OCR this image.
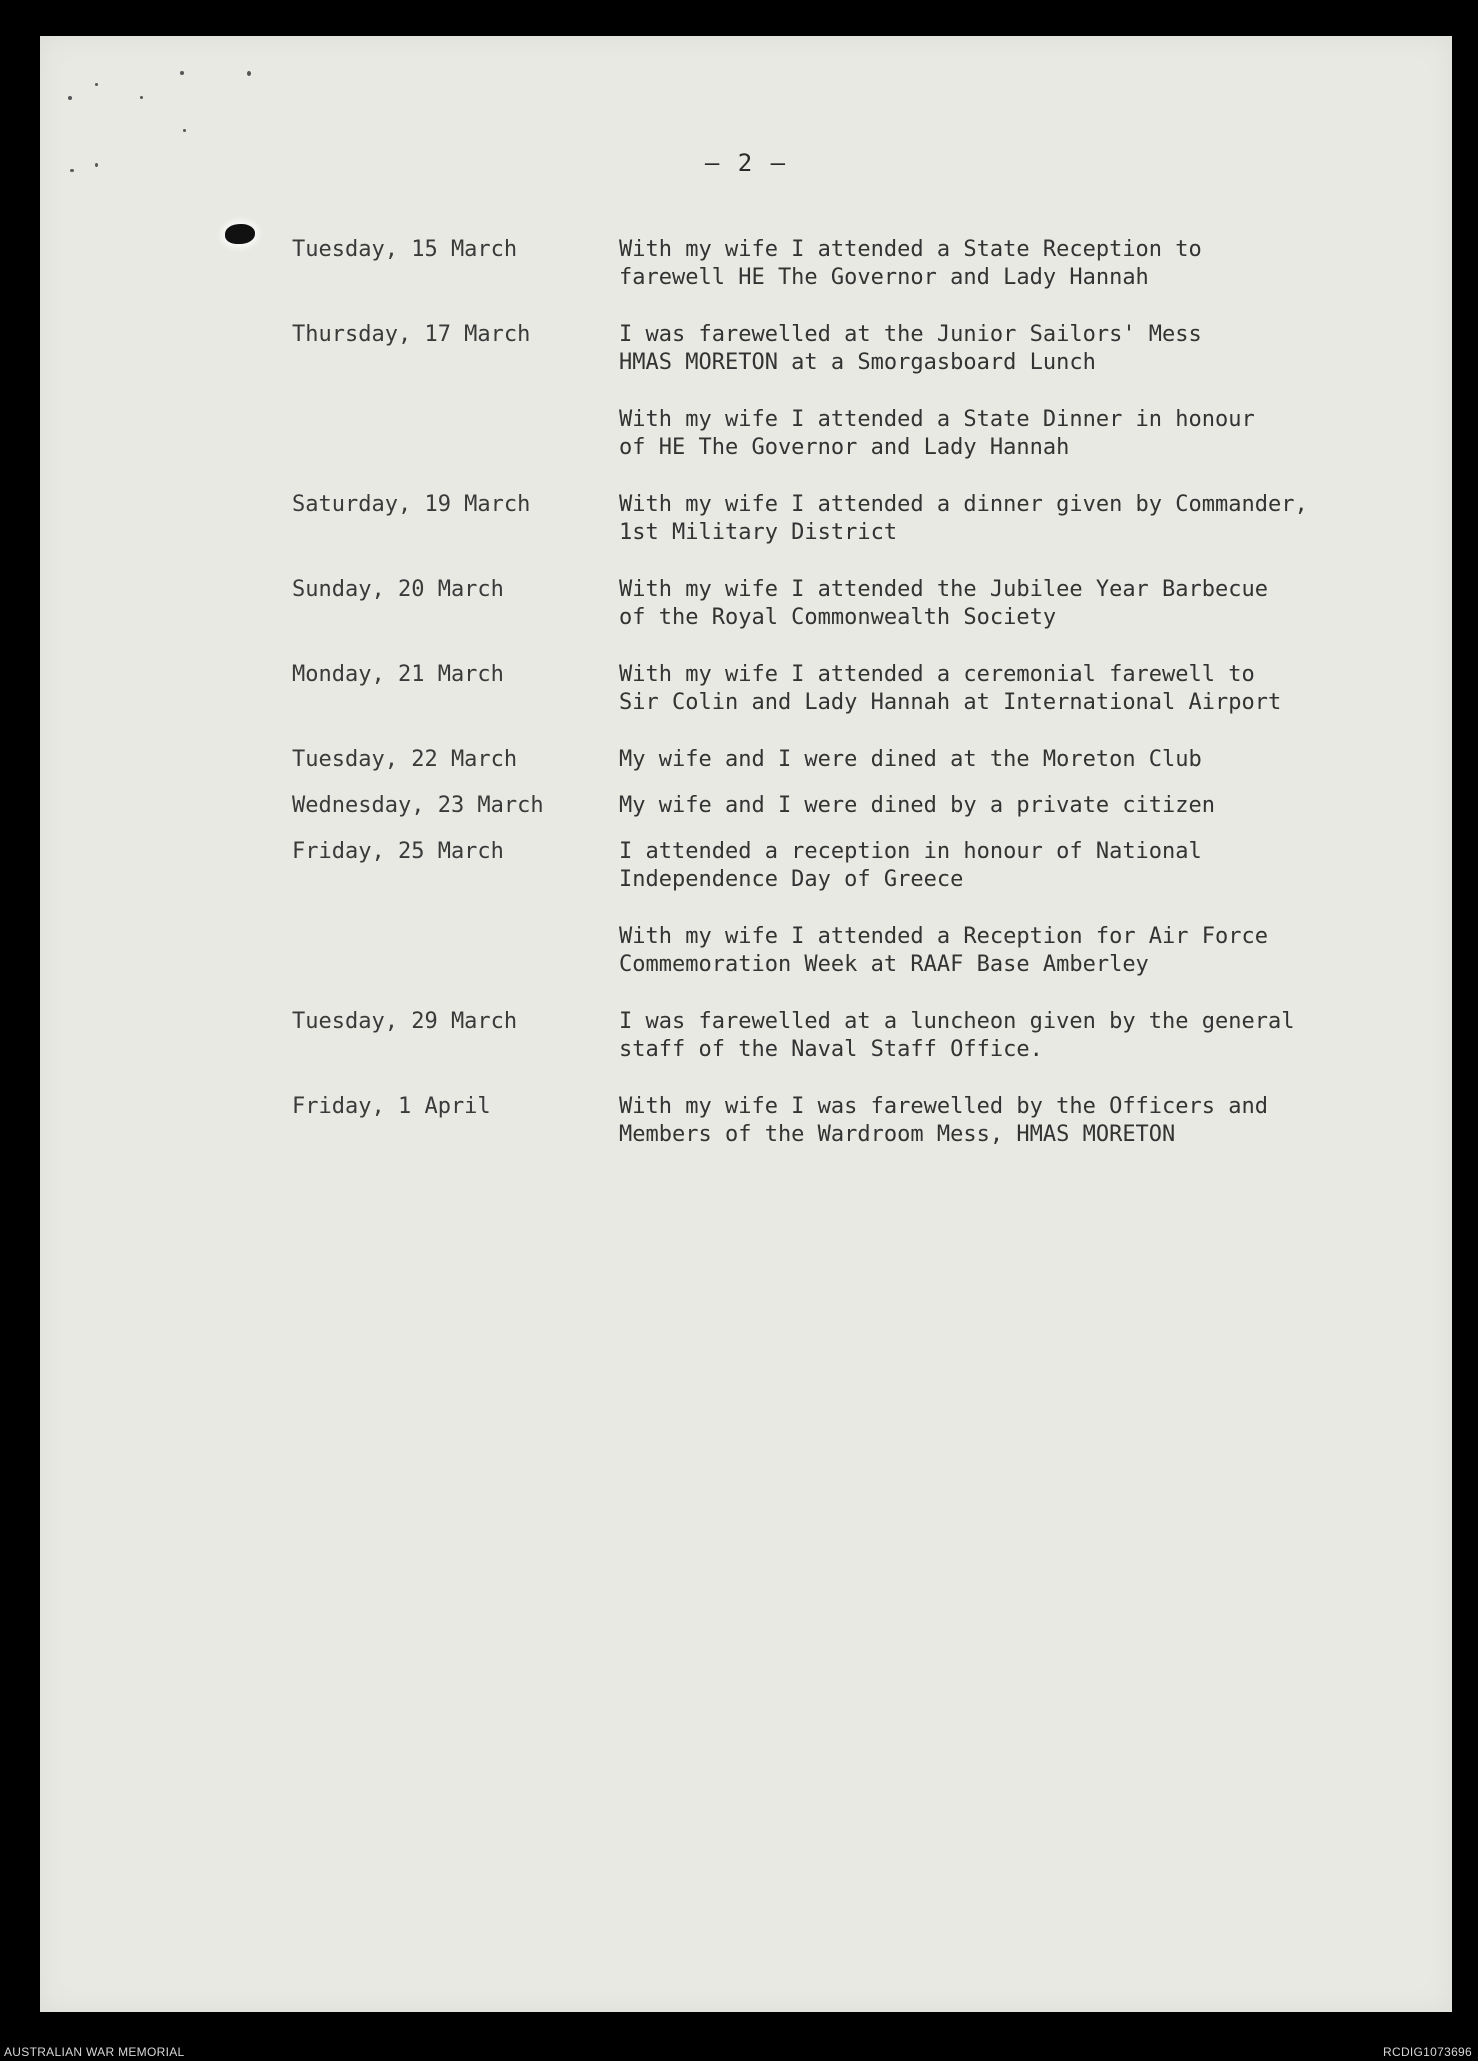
– 2 –
Tuesday, 15 March	With my wife I attended a State Reception to
farewell HE The Governor and Lady Hannah
Thursday, 17 March	I was farewelled at the Junior Sailors' Mess
HMAS MORETON at a Smorgasboard Lunch
With my wife I attended a State Dinner in honour
of HE The Governor and Lady Hannah
Saturday, 19 March	With my wife I attended a dinner given by Commander,
1st Military District
Sunday, 20 March	With my wife I attended the Jubilee Year Barbecue
of the Royal Commonwealth Society
Monday, 21 March	With my wife I attended a ceremonial farewell to
Sir Colin and Lady Hannah at International Airport
Tuesday, 22 March	My wife and I were dined at the Moreton Club
Wednesday, 23 March	My wife and I were dined by a private citizen
Friday, 25 March	I attended a reception in honour of National
Independence Day of Greece
With my wife I attended a Reception for Air Force
Commemoration Week at RAAF Base Amberley
Tuesday, 29 March	I was farewelled at a luncheon given by the general
staff of the Naval Staff Office.
Friday, 1 April	With my wife I was farewelled by the Officers and
Members of the Wardroom Mess, HMAS MORETON
AUSTRALIAN WAR MEMORIAL	RCDIG1073696
